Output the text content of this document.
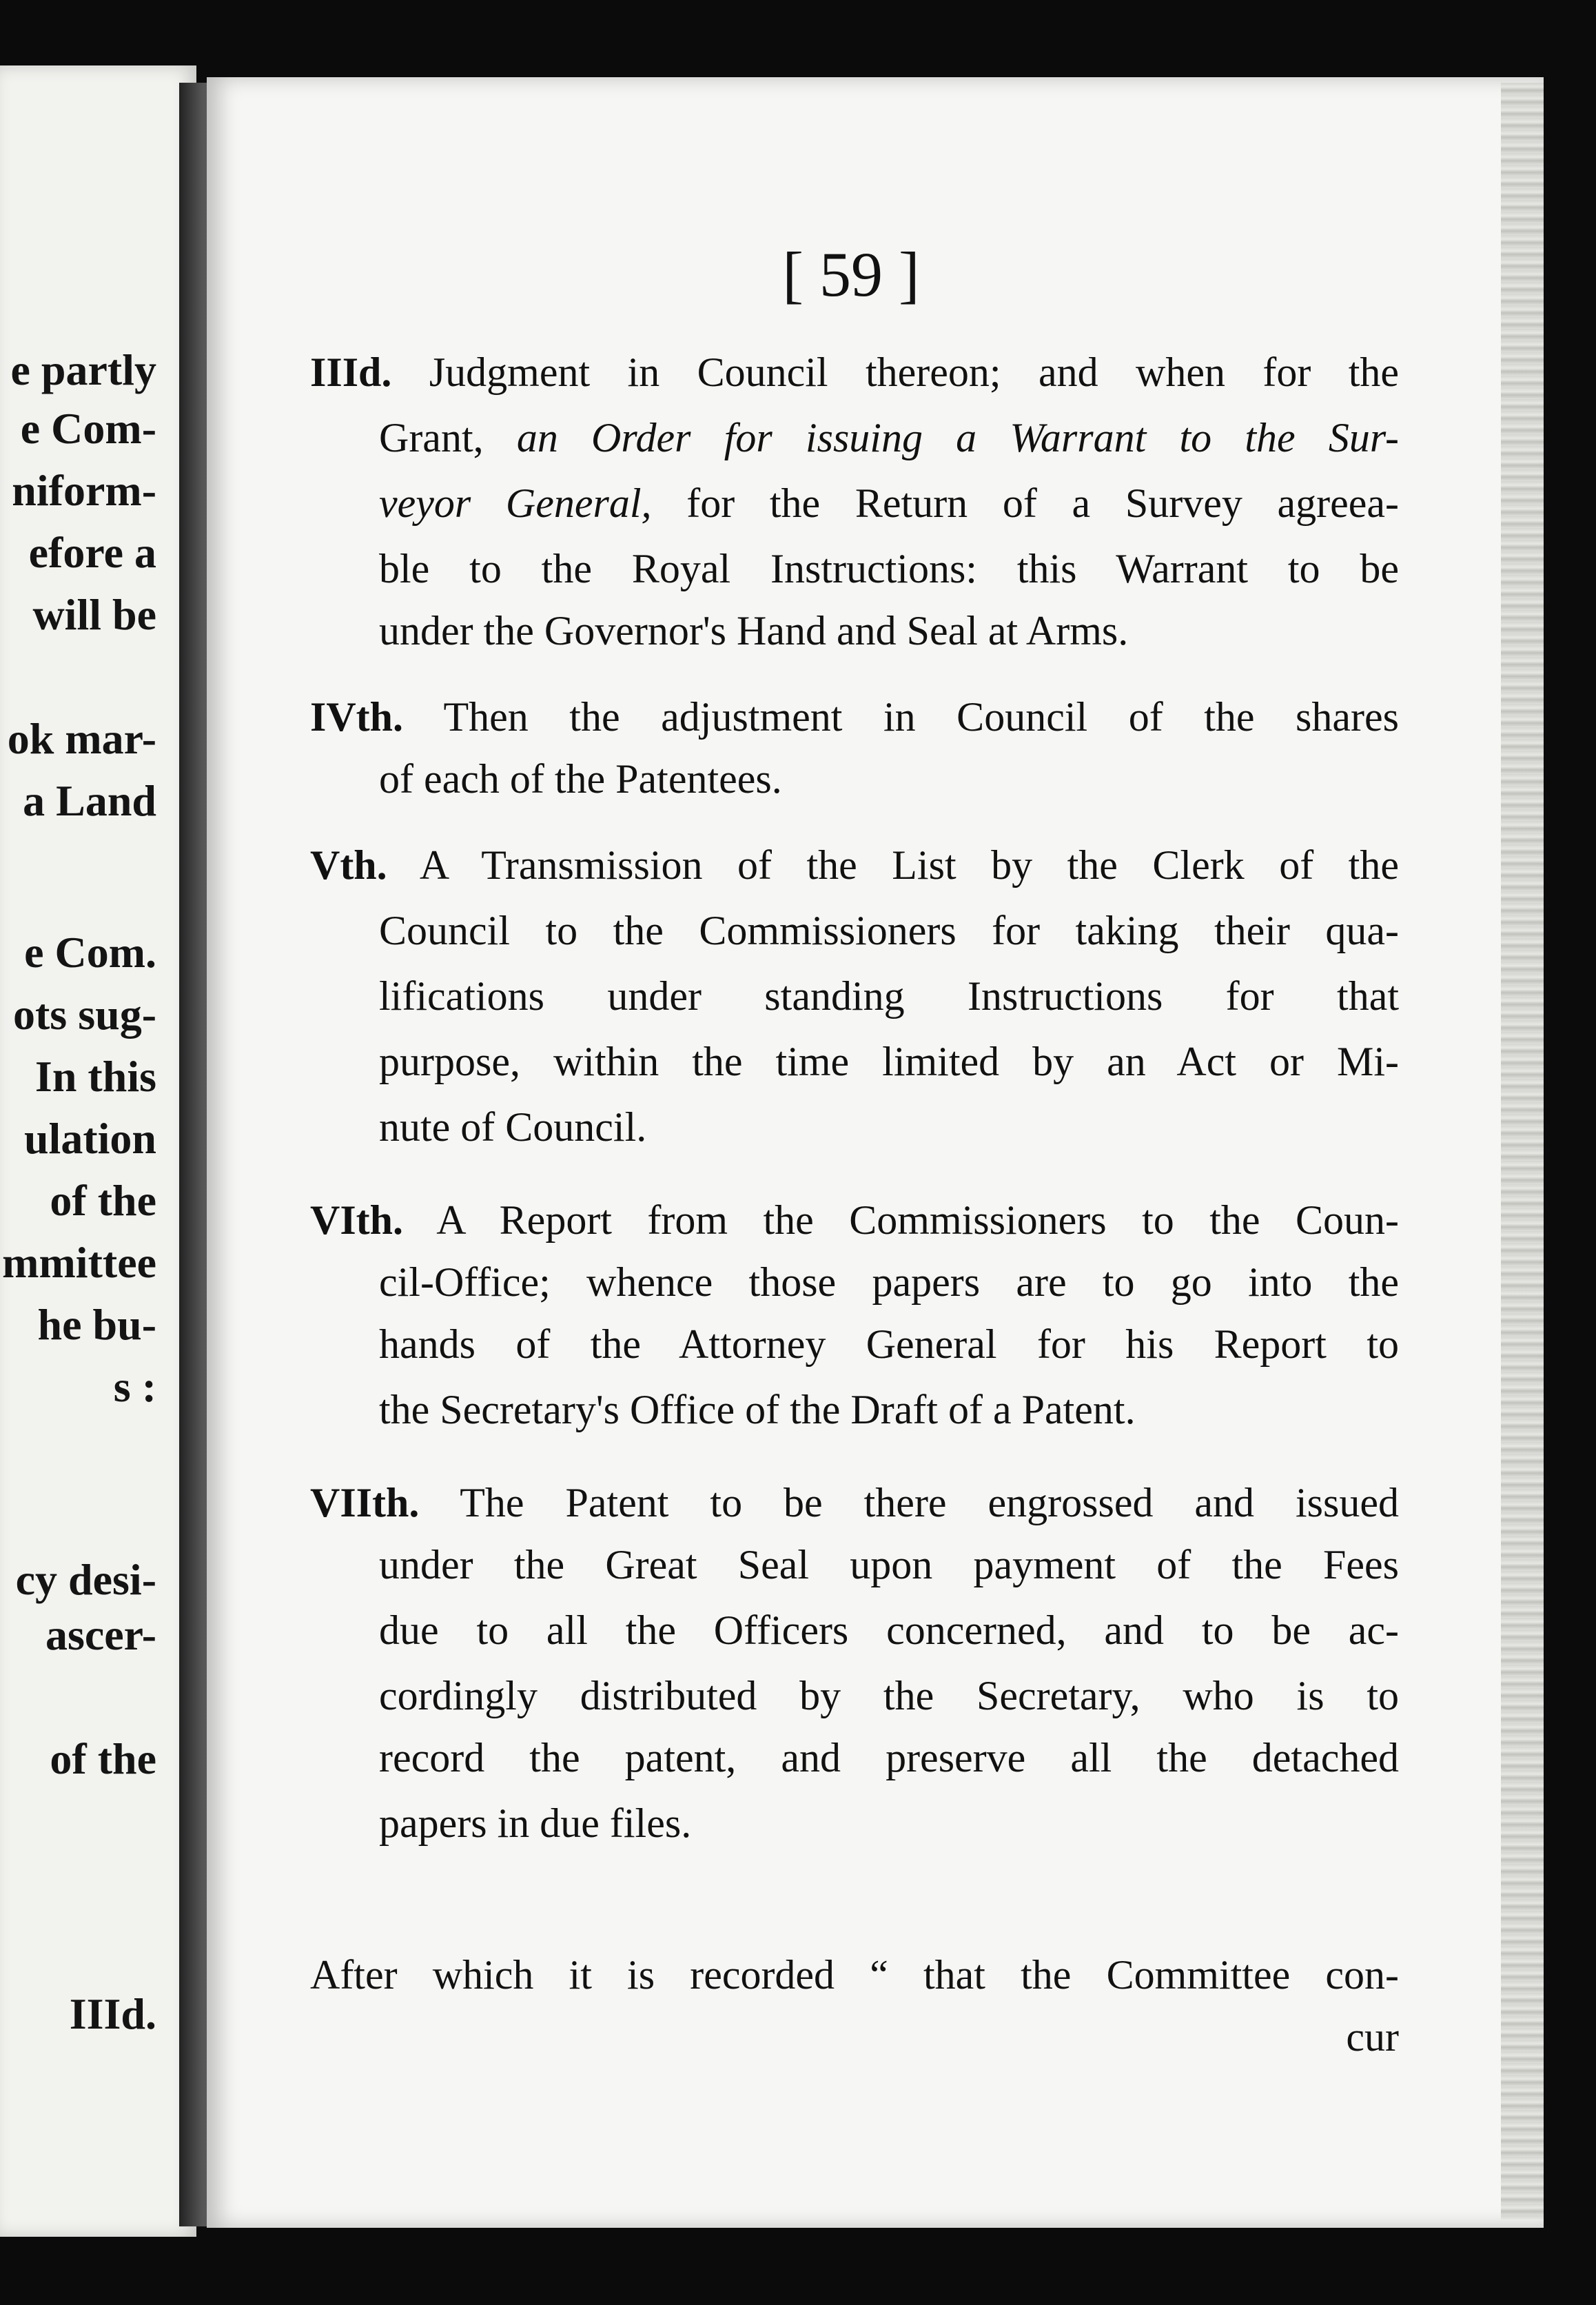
e partly
e Com-
niform-
efore a
will be
ok mar-
a Land
e Com.
ots sug-
In this
ulation
of the
mmittee
he bu-
s :
cy desi-
ascer-
of the
IIId.
[ 59 ]
IIId. Judgment in Council thereon; and when for the
Grant, an Order for issuing a Warrant to the Sur-
veyor General, for the Return of a Survey agreea-
ble to the Royal Instructions: this Warrant to be
under the Governor's Hand and Seal at Arms.
IVth. Then the adjustment in Council of the shares
of each of the Patentees.
Vth. A Transmission of the List by the Clerk of the
Council to the Commissioners for taking their qua-
lifications under standing Instructions for that
purpose, within the time limited by an Act or Mi-
nute of Council.
VIth. A Report from the Commissioners to the Coun-
cil-Office; whence those papers are to go into the
hands of the Attorney General for his Report to
the Secretary's Office of the Draft of a Patent.
VIIth. The Patent to be there engrossed and issued
under the Great Seal upon payment of the Fees
due to all the Officers concerned, and to be ac-
cordingly distributed by the Secretary, who is to
record the patent, and preserve all the detached
papers in due files.
After which it is recorded “ that the Committee con-
cur
